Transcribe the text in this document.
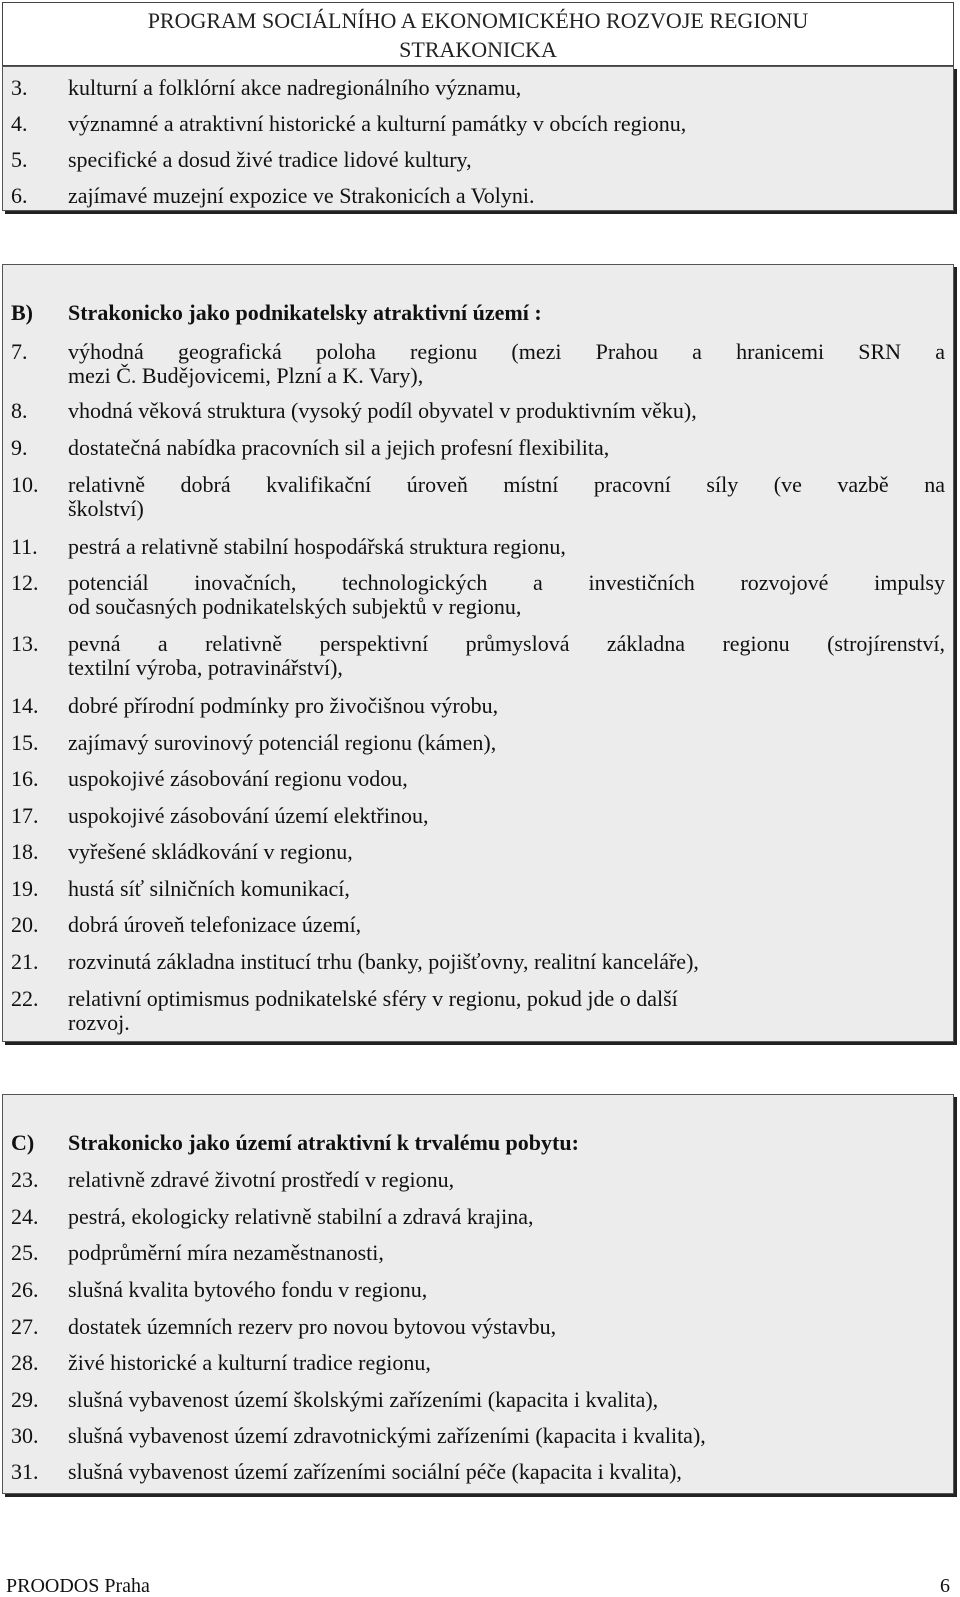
PROGRAM SOCIÁLNÍHO A EKONOMICKÉHO ROZVOJE REGIONU
STRAKONICKA
3.	kulturní a folklórní akce nadregionálního významu,
4.	významné a atraktivní historické a kulturní památky v obcích regionu,
5.	specifické a dosud živé tradice lidové kultury,
6.	zajímavé muzejní expozice ve Strakonicích a Volyni.
B)	Strakonicko jako podnikatelsky atraktivní území :
7.	výhodná geografická poloha regionu (mezi Prahou a hranicemi SRN a
mezi Č. Budějovicemi, Plzní a K. Vary),
8.	vhodná věková struktura (vysoký podíl obyvatel v produktivním věku),
9.	dostatečná nabídka pracovních sil a jejich profesní flexibilita,
10.	relativně dobrá kvalifikační úroveň místní pracovní síly (ve vazbě na
školství)
11.	pestrá a relativně stabilní hospodářská struktura regionu,
12.	potenciál inovačních, technologických a investičních rozvojové impulsy
od současných podnikatelských subjektů v regionu,
13.	pevná a relativně perspektivní průmyslová základna regionu (strojírenství,
textilní výroba, potravinářství),
14.	dobré přírodní podmínky pro živočišnou výrobu,
15.	zajímavý surovinový potenciál regionu (kámen),
16.	uspokojivé zásobování regionu vodou,
17.	uspokojivé zásobování území elektřinou,
18.	vyřešené skládkování v regionu,
19.	hustá síť silničních komunikací,
20.	dobrá úroveň telefonizace území,
21.	rozvinutá základna institucí trhu (banky, pojišťovny, realitní kanceláře),
22.	relativní optimismus podnikatelské sféry v regionu, pokud jde o další
rozvoj.
C)	Strakonicko jako území atraktivní k trvalému pobytu:
23.	relativně zdravé životní prostředí v regionu,
24.	pestrá, ekologicky relativně stabilní a zdravá krajina,
25.	podprůměrní míra nezaměstnanosti,
26.	slušná kvalita bytového fondu v regionu,
27.	dostatek územních rezerv pro novou bytovou výstavbu,
28.	živé historické a kulturní tradice regionu,
29.	slušná vybavenost území školskými zařízeními (kapacita i kvalita),
30.	slušná vybavenost území zdravotnickými zařízeními (kapacita i kvalita),
31.	slušná vybavenost území zařízeními sociální péče (kapacita i kvalita),
PROODOS Praha	6
